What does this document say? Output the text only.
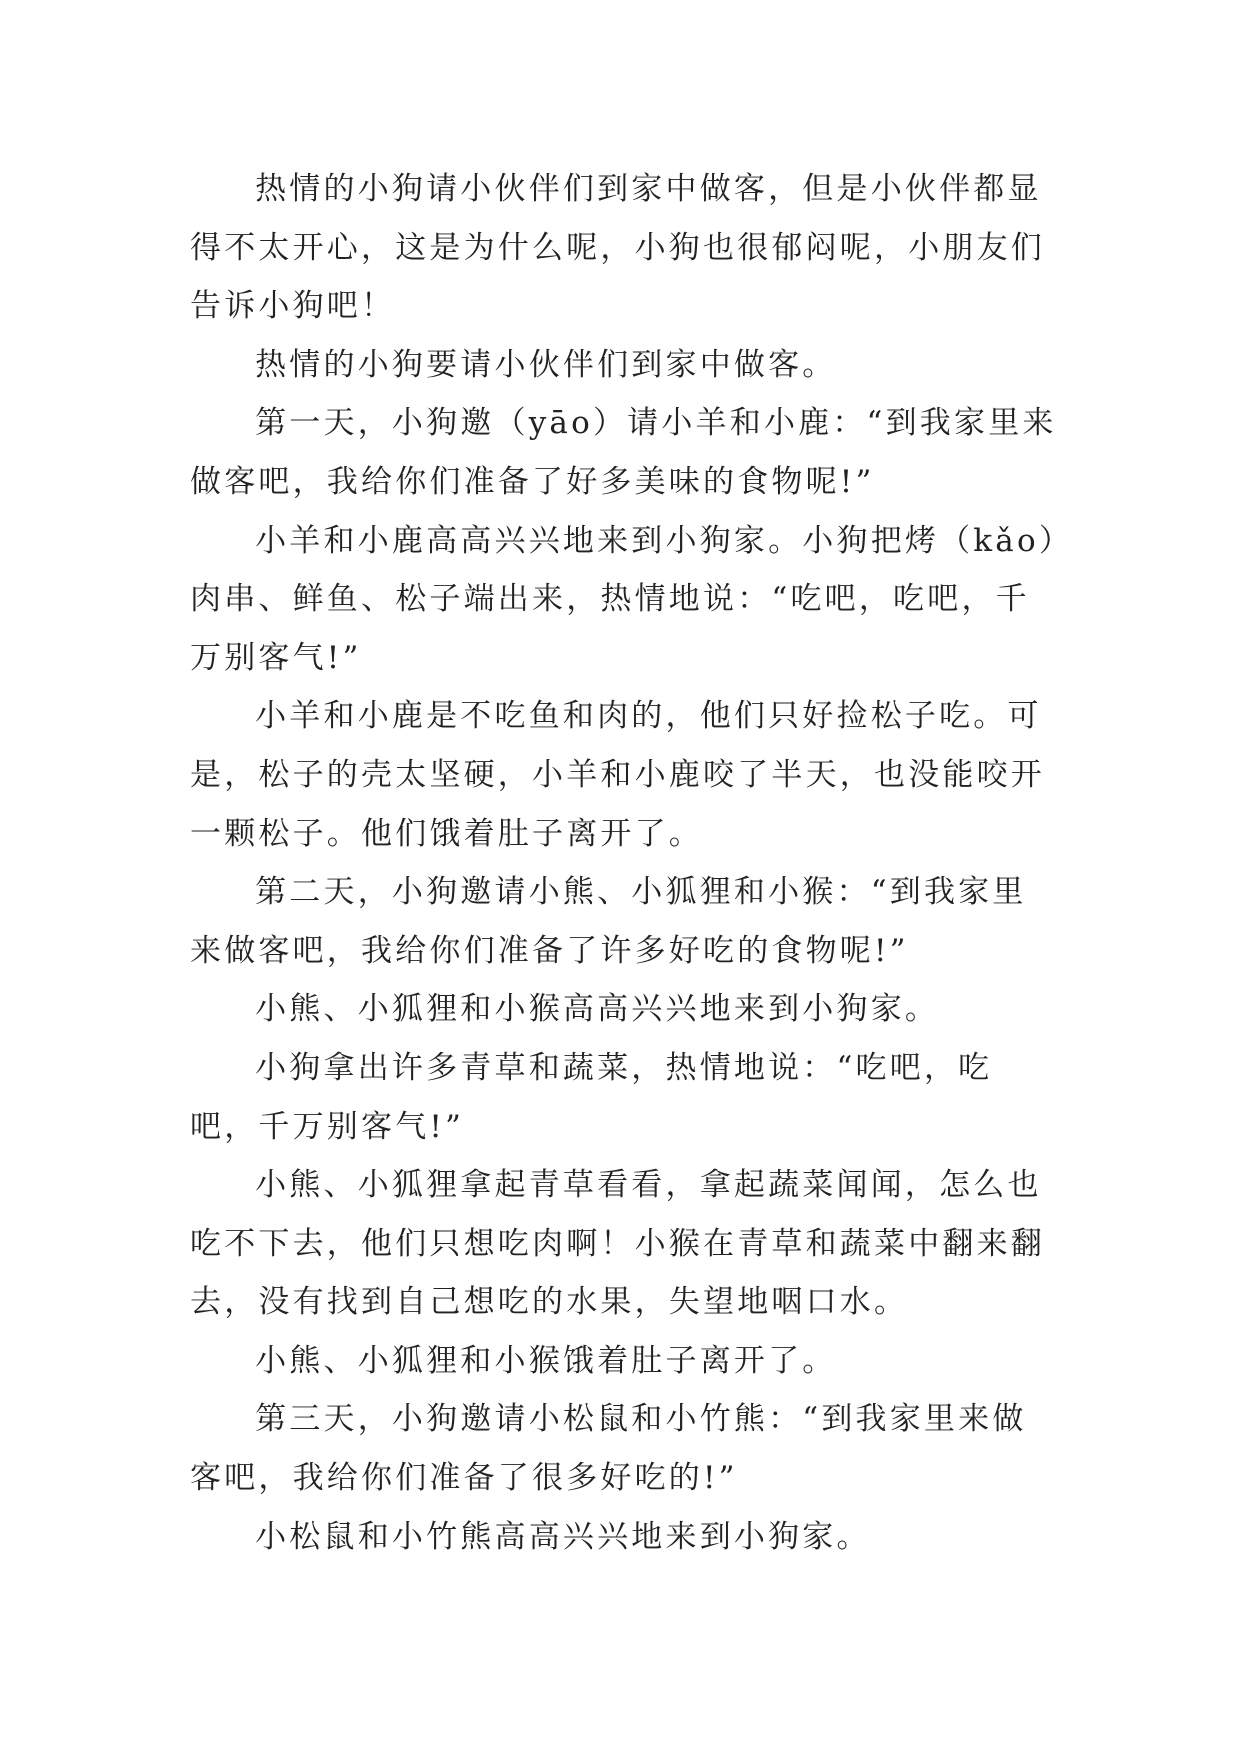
热情的小狗请小伙伴们到家中做客，但是小伙伴都显得不太开心，这是为什么呢，小狗也很郁闷呢，小朋友们告诉小狗吧！

热情的小狗要请小伙伴们到家中做客。

第一天，小狗邀（yāo）请小羊和小鹿：“到我家里来做客吧，我给你们准备了好多美味的食物呢!”

小羊和小鹿高高兴兴地来到小狗家。小狗把烤（kǎo）肉串、鲜鱼、松子端出来，热情地说：“吃吧，吃吧，千万别客气!”

小羊和小鹿是不吃鱼和肉的，他们只好捡松子吃。可是，松子的壳太坚硬，小羊和小鹿咬了半天，也没能咬开一颗松子。他们饿着肚子离开了。

第二天，小狗邀请小熊、小狐狸和小猴：“到我家里来做客吧，我给你们准备了许多好吃的食物呢!”

小熊、小狐狸和小猴高高兴兴地来到小狗家。

小狗拿出许多青草和蔬菜，热情地说：“吃吧，吃吧，千万别客气!”

小熊、小狐狸拿起青草看看，拿起蔬菜闻闻，怎么也吃不下去，他们只想吃肉啊！小猴在青草和蔬菜中翻来翻去，没有找到自己想吃的水果，失望地咽口水。

小熊、小狐狸和小猴饿着肚子离开了。

第三天，小狗邀请小松鼠和小竹熊：“到我家里来做客吧，我给你们准备了很多好吃的!”

小松鼠和小竹熊高高兴兴地来到小狗家。
